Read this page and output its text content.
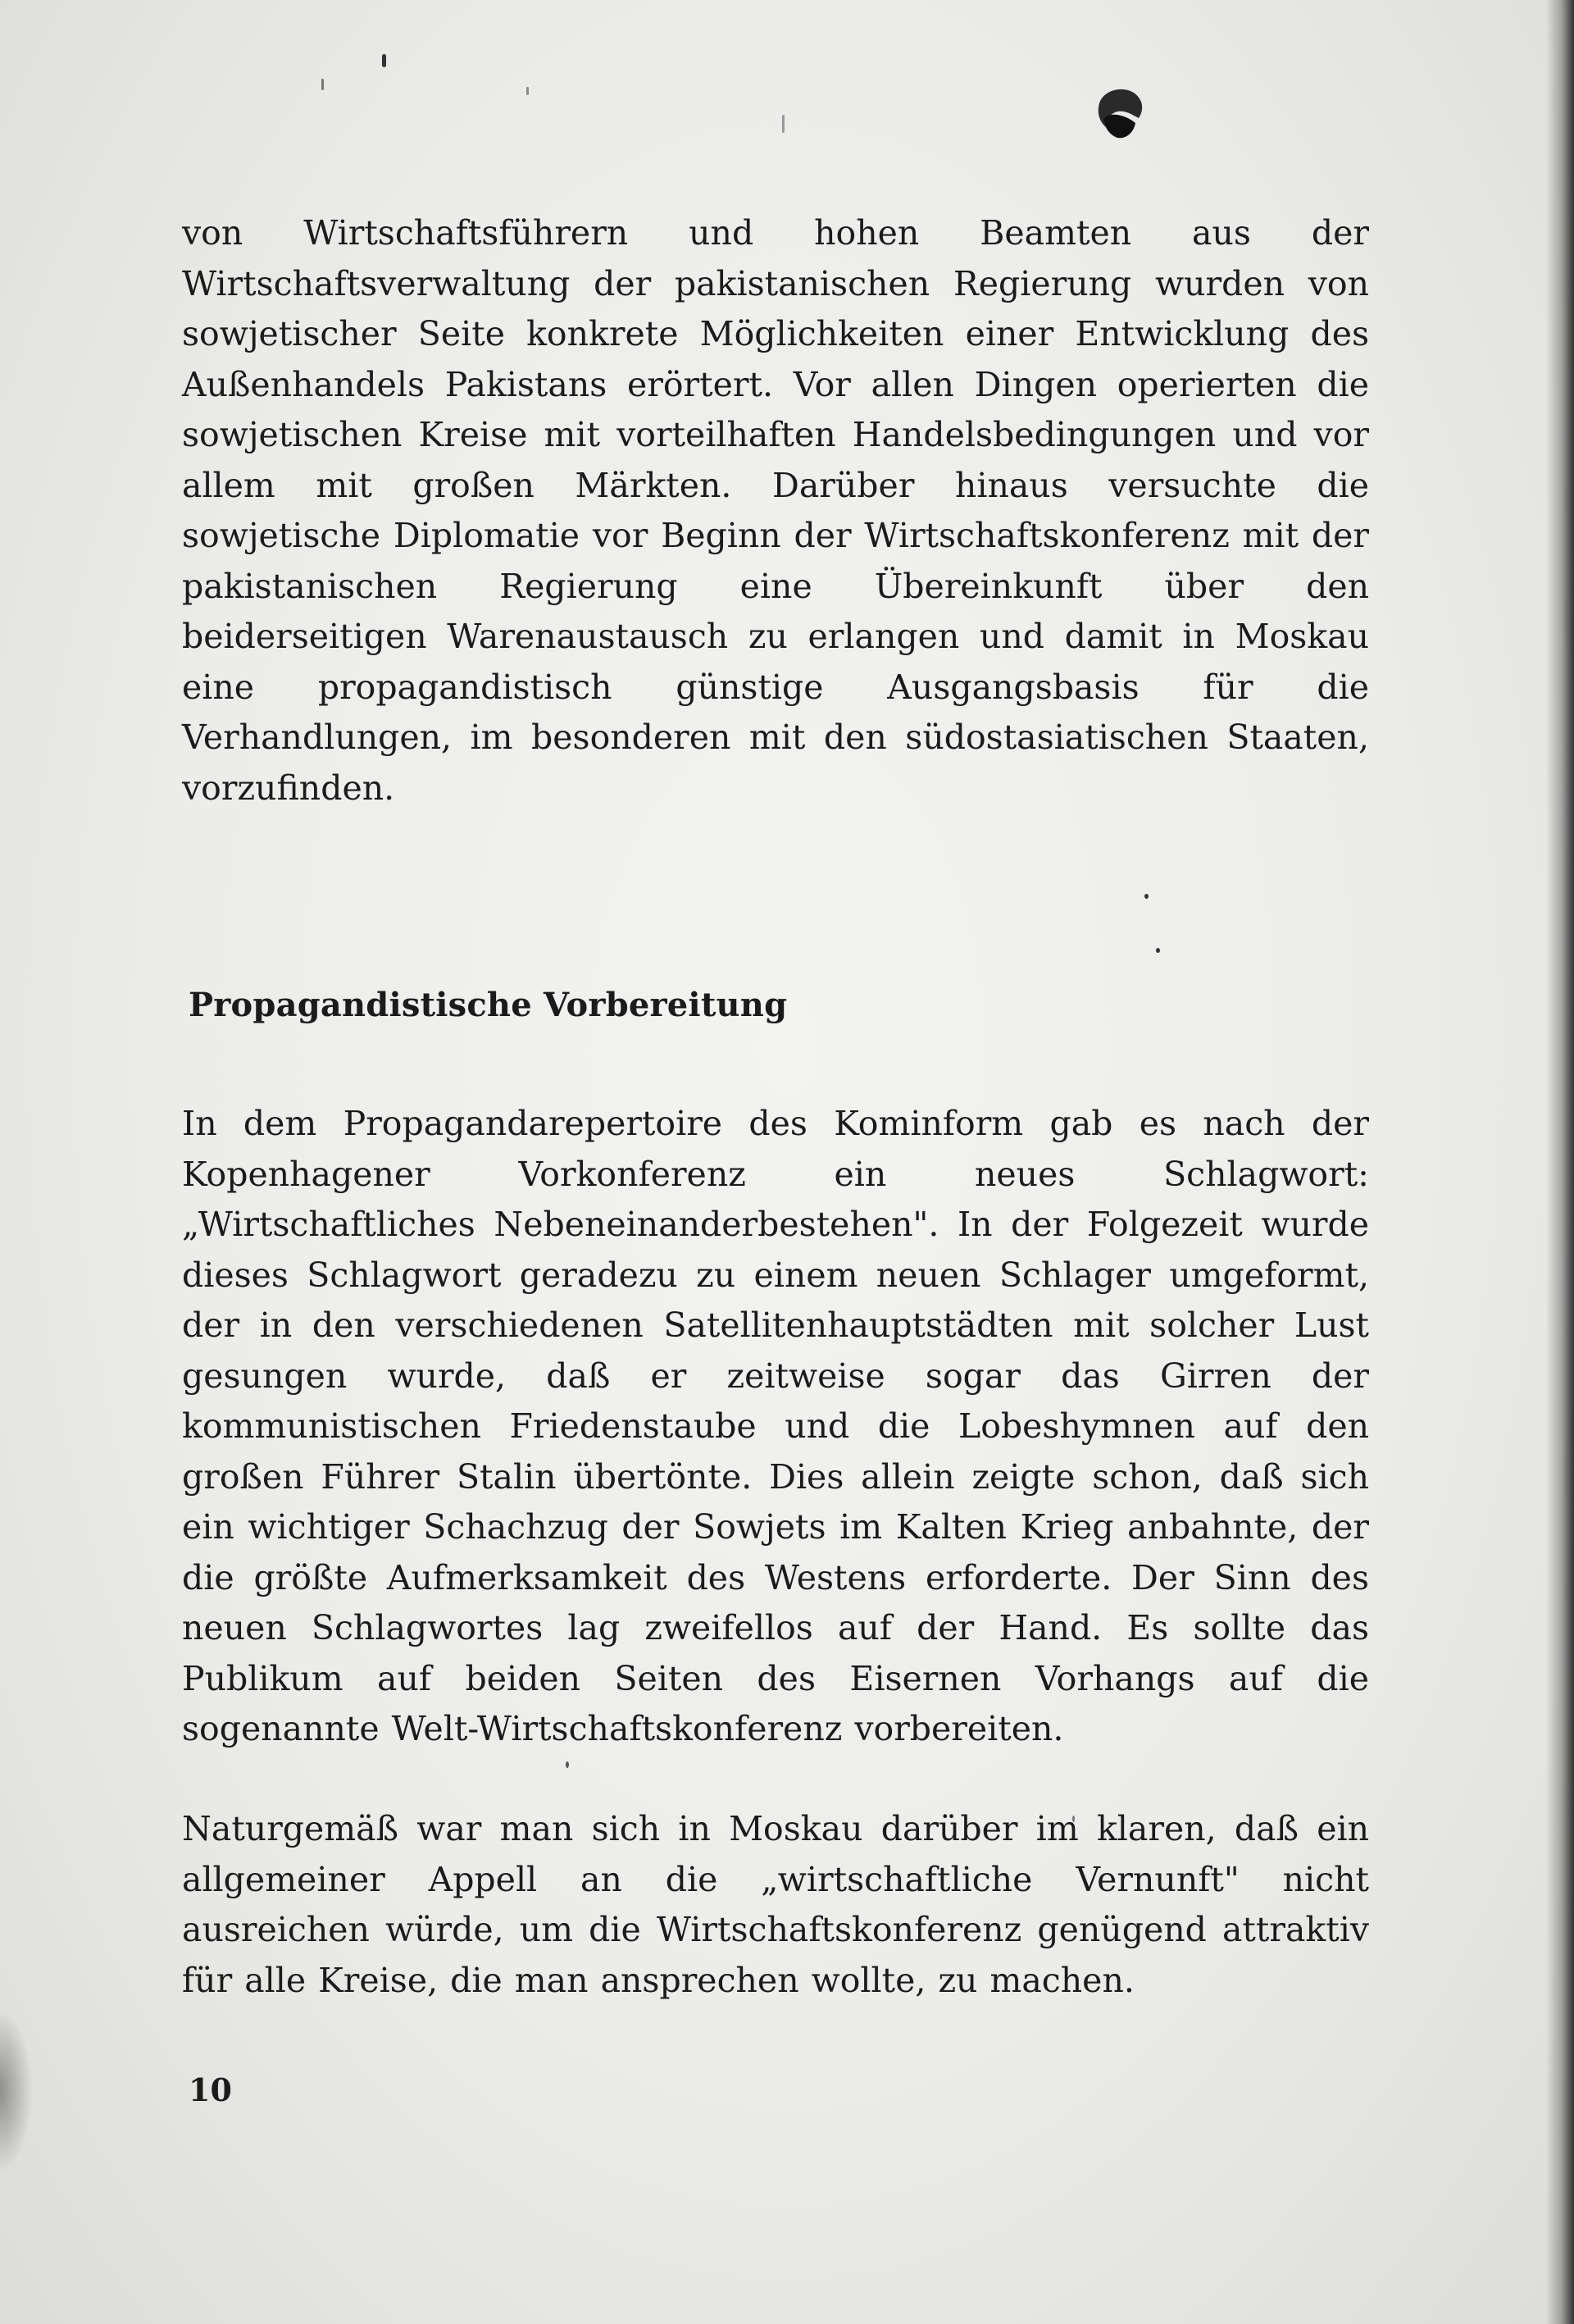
von Wirtschaftsführern und hohen Beamten aus der Wirtschaftsverwaltung der pakistanischen Regierung wurden von sowjetischer Seite konkrete Möglichkeiten einer Entwicklung des Außenhandels Pakistans erörtert. Vor allen Dingen operierten die sowjetischen Kreise mit vorteilhaften Handelsbedingungen und vor allem mit großen Märkten. Darüber hinaus versuchte die sowjetische Diplomatie vor Beginn der Wirtschaftskonferenz mit der pakistanischen Regierung eine Übereinkunft über den beiderseitigen Warenaustausch zu erlangen und damit in Moskau eine propagandistisch günstige Ausgangsbasis für die Verhandlungen, im besonderen mit den südostasiatischen Staaten, vorzufinden.
Propagandistische Vorbereitung
In dem Propagandarepertoire des Kominform gab es nach der Kopenhagener Vorkonferenz ein neues Schlagwort: „Wirtschaftliches Nebeneinanderbestehen". In der Folgezeit wurde dieses Schlagwort geradezu zu einem neuen Schlager umgeformt, der in den verschiedenen Satellitenhauptstädten mit solcher Lust gesungen wurde, daß er zeitweise sogar das Girren der kommunistischen Friedenstaube und die Lobeshymnen auf den großen Führer Stalin übertönte. Dies allein zeigte schon, daß sich ein wichtiger Schachzug der Sowjets im Kalten Krieg anbahnte, der die größte Aufmerksamkeit des Westens erforderte. Der Sinn des neuen Schlagwortes lag zweifellos auf der Hand. Es sollte das Publikum auf beiden Seiten des Eisernen Vorhangs auf die sogenannte Welt-Wirtschaftskonferenz vorbereiten.
Naturgemäß war man sich in Moskau darüber im klaren, daß ein allgemeiner Appell an die „wirtschaftliche Vernunft" nicht ausreichen würde, um die Wirtschaftskonferenz genügend attraktiv für alle Kreise, die man ansprechen wollte, zu machen.
10
